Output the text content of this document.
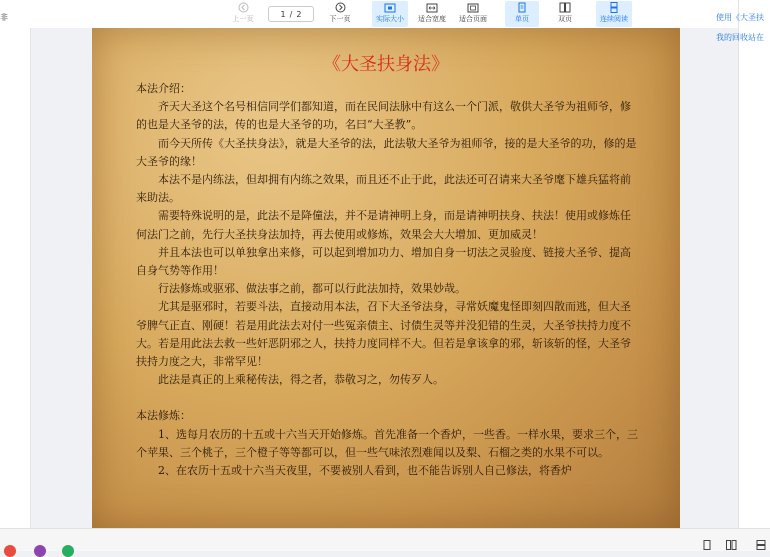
非	上一页
1 / 2
下一页	实际大小 适合宽度 适合页面	单页	双页	连续阅读	使用《大圣扶
我的回收站在
《大圣扶身法》

本法介绍：

齐天大圣这个名号相信同学们都知道，而在民间法脉中有这么一个门派，敬供大圣爷为祖师爷，修的也是大圣爷的法，传的也是大圣爷的功，名曰“大圣教”。

而今天所传《大圣扶身法》，就是大圣爷的法，此法敬大圣爷为祖师爷，接的是大圣爷的功，修的是大圣爷的缘！

本法不是内练法，但却拥有内练之效果，而且还不止于此，此法还可召请来大圣爷麾下雄兵猛将前来助法。

需要特殊说明的是，此法不是降僮法，并不是请神明上身，而是请神明扶身、扶法！使用或修炼任何法门之前，先行大圣扶身法加持，再去使用或修炼，效果会大大增加、更加威灵！

并且本法也可以单独拿出来修，可以起到增加功力、增加自身一切法之灵验度、链接大圣爷、提高自身气势等作用！

行法修炼或驱邪、做法事之前，都可以行此法加持，效果妙哉。

尤其是驱邪时，若要斗法，直接动用本法，召下大圣爷法身，寻常妖魔鬼怪即刻四散而逃，但大圣爷脾气正直、刚硬！若是用此法去对付一些冤亲债主、讨债生灵等并没犯错的生灵，大圣爷扶持力度不大。若是用此法去救一些奸恶阴邪之人，扶持力度同样不大。但若是拿该拿的邪，斩该斩的怪，大圣爷扶持力度之大，非常罕见！

此法是真正的上乘秘传法，得之者，恭敬习之，勿传歹人。

本法修炼：

1、选每月农历的十五或十六当天开始修炼。首先准备一个香炉，一些香。一样水果，要求三个，三个苹果、三个桃子，三个橙子等等都可以，但一些气味浓烈难闻以及梨、石榴之类的水果不可以。

2、在农历十五或十六当天夜里，不要被别人看到，也不能告诉别人自己修法，将香炉
